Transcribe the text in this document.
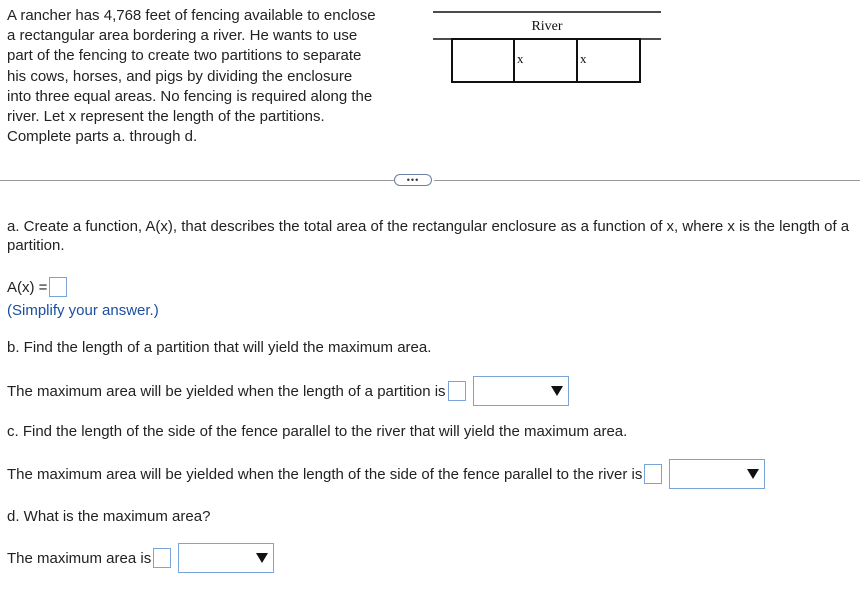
A rancher has 4,768 feet of fencing available to enclose
a rectangular area bordering a river. He wants to use
part of the fencing to create two partitions to separate
his cows, horses, and pigs by dividing the enclosure
into three equal areas. No fencing is required along the
river. Let x represent the length of the partitions.
Complete parts a. through d.
River
x	x
•••
a. Create a function, A(x), that describes the total area of the rectangular enclosure as a function of x, where x is the length of a partition.
A(x) =
(Simplify your answer.)
b. Find the length of a partition that will yield the maximum area.
The maximum area will be yielded when the length of a partition is
c. Find the length of the side of the fence parallel to the river that will yield the maximum area.
The maximum area will be yielded when the length of the side of the fence parallel to the river is
d. What is the maximum area?
The maximum area is
